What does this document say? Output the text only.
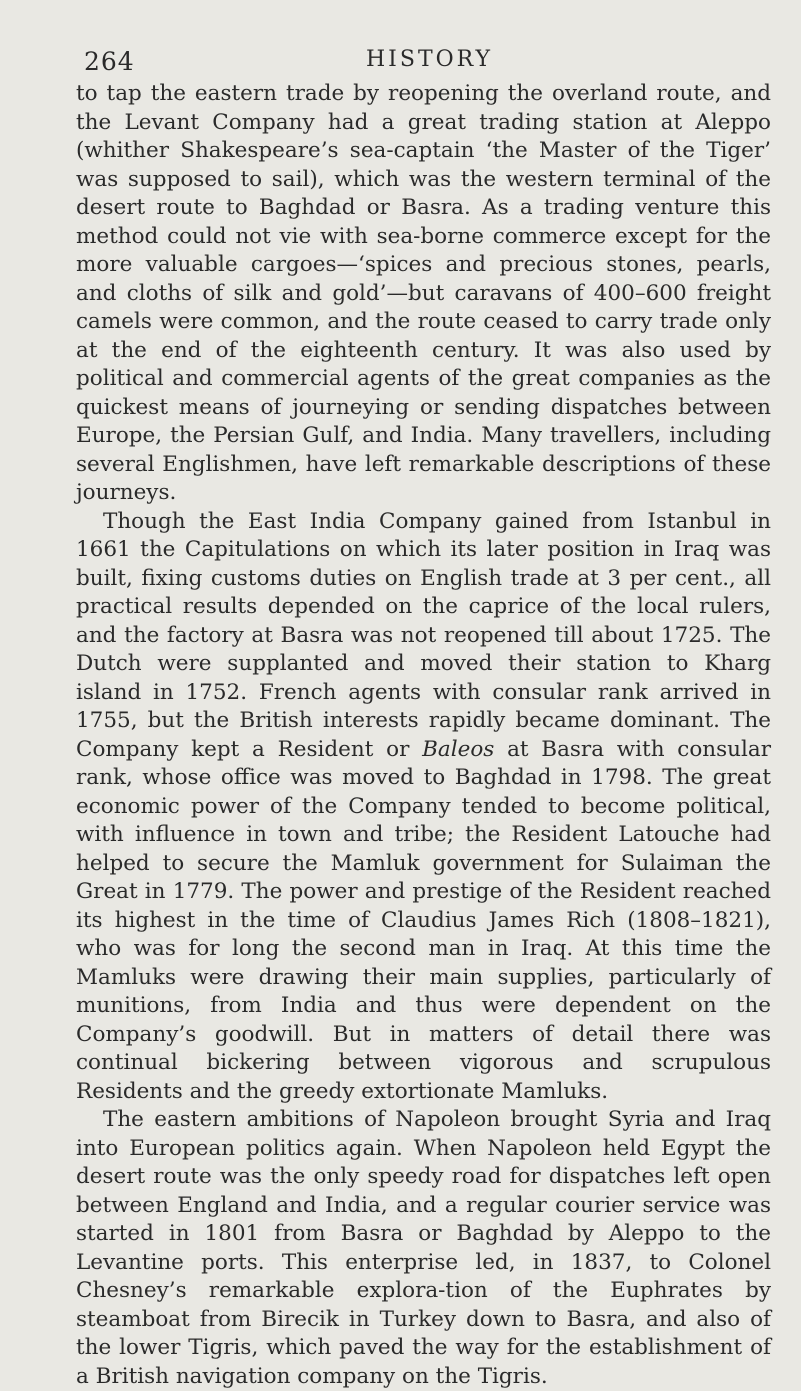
264	HISTORY

to tap the eastern trade by reopening the overland route, and the Levant Company had a great trading station at Aleppo (whither Shakespeare’s sea-captain ‘the Master of the Tiger’ was supposed to sail), which was the western terminal of the desert route to Baghdad or Basra. As a trading venture this method could not vie with sea-borne commerce except for the more valuable cargoes—‘spices and precious stones, pearls, and cloths of silk and gold’—but caravans of 400–600 freight camels were common, and the route ceased to carry trade only at the end of the eighteenth century. It was also used by political and commercial agents of the great companies as the quickest means of journeying or sending dispatches between Europe, the Persian Gulf, and India. Many travellers, including several Englishmen, have left remarkable descriptions of these journeys.

Though the East India Company gained from Istanbul in 1661 the Capitulations on which its later position in Iraq was built, fixing customs duties on English trade at 3 per cent., all practical results depended on the caprice of the local rulers, and the factory at Basra was not reopened till about 1725. The Dutch were supplanted and moved their station to Kharg island in 1752. French agents with consular rank arrived in 1755, but the British interests rapidly became dominant. The Company kept a Resident or Baleos at Basra with consular rank, whose office was moved to Baghdad in 1798. The great economic power of the Company tended to become political, with influence in town and tribe; the Resident Latouche had helped to secure the Mamluk government for Sulaiman the Great in 1779. The power and prestige of the Resident reached its highest in the time of Claudius James Rich (1808–1821), who was for long the second man in Iraq. At this time the Mamluks were drawing their main supplies, particularly of munitions, from India and thus were dependent on the Company’s goodwill. But in matters of detail there was continual bickering between vigorous and scrupulous Residents and the greedy extortionate Mamluks.

The eastern ambitions of Napoleon brought Syria and Iraq into European politics again. When Napoleon held Egypt the desert route was the only speedy road for dispatches left open between England and India, and a regular courier service was started in 1801 from Basra or Baghdad by Aleppo to the Levantine ports. This enterprise led, in 1837, to Colonel Chesney’s remarkable explora-tion of the Euphrates by steamboat from Birecik in Turkey down to Basra, and also of the lower Tigris, which paved the way for the establishment of a British navigation company on the Tigris.
